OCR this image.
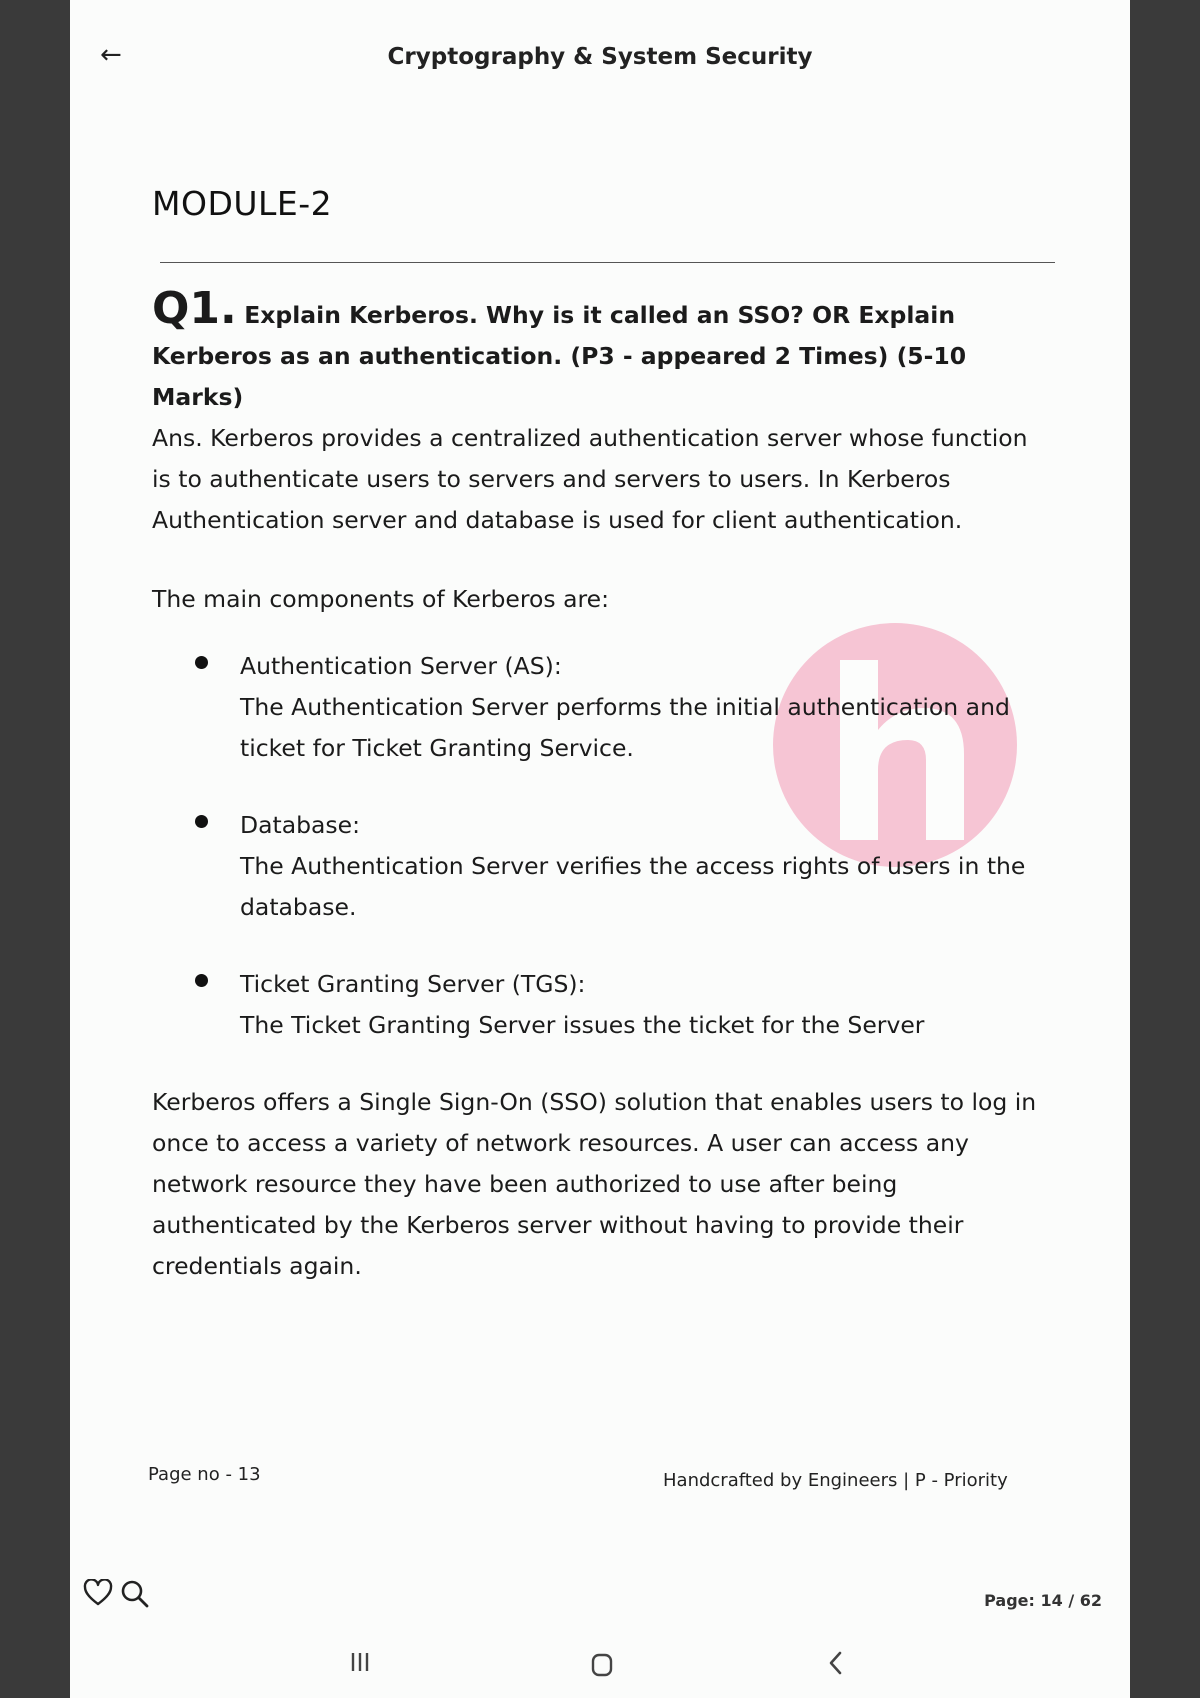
←	Cryptography & System Security
MODULE-2

Q1. Explain Kerberos. Why is it called an SSO? OR Explain Kerberos as an authentication. (P3 - appeared 2 Times) (5-10 Marks)

Ans. Kerberos provides a centralized authentication server whose function is to authenticate users to servers and servers to users. In Kerberos Authentication server and database is used for client authentication.

The main components of Kerberos are:

Authentication Server (AS):
The Authentication Server performs the initial authentication and ticket for Ticket Granting Service.
Database:
The Authentication Server verifies the access rights of users in the database.
Ticket Granting Server (TGS):
The Ticket Granting Server issues the ticket for the Server

Kerberos offers a Single Sign-On (SSO) solution that enables users to log in once to access a variety of network resources. A user can access any network resource they have been authorized to use after being authenticated by the Kerberos server without having to provide their credentials again.

Page no - 13	Handcrafted by Engineers | P - Priority
Page: 14 / 62
